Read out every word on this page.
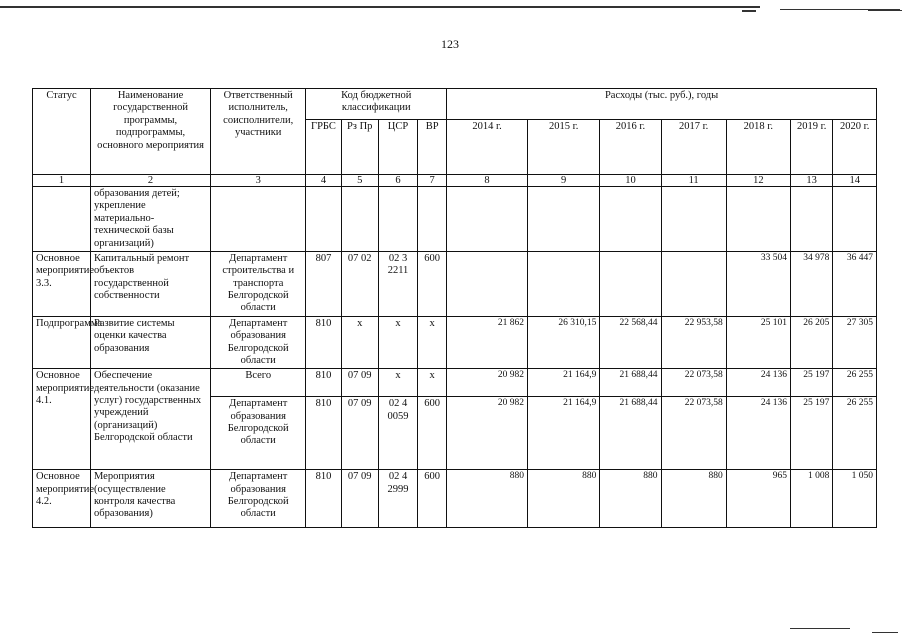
123
Статус	Наименование государственной программы, подпрограммы, основного мероприятия	Ответственный исполнитель, соисполнители, участники	Код бюджетной классификации				Расходы (тыс. руб.), годы						
			ГРБС	Рз Пр	ЦСР	ВР	2014 г.	2015 г.	2016 г.	2017 г.	2018 г.	2019 г.	2020 г.
1	2	3	4	5	6	7	8	9	10	11	12	13	14
	образования детей; укрепление материально-технической базы организаций)												
Основное мероприятие 3.3.	Капитальный ремонт объектов государственной собственности	Департамент строительства и транспорта Белгородской области	807	07 02	02 3 2211	600					33 504	34 978	36 447
Подпрограмма	Развитие системы оценки качества образования	Департамент образования Белгородской области	810	х	х	х	21 862	26 310,15	22 568,44	22 953,58	25 101	26 205	27 305
Основное мероприятие 4.1.	Обеспечение деятельности (оказание услуг) государственных учреждений (организаций) Белгородской области	Всего	810	07 09	х	х	20 982	21 164,9	21 688,44	22 073,58	24 136	25 197	26 255
		Департамент образования Белгородской области	810	07 09	02 4 0059	600	20 982	21 164,9	21 688,44	22 073,58	24 136	25 197	26 255
Основное мероприятие 4.2.	Мероприятия (осуществление контроля качества образования)	Департамент образования Белгородской области	810	07 09	02 4 2999	600	880	880	880	880	965	1 008	1 050
